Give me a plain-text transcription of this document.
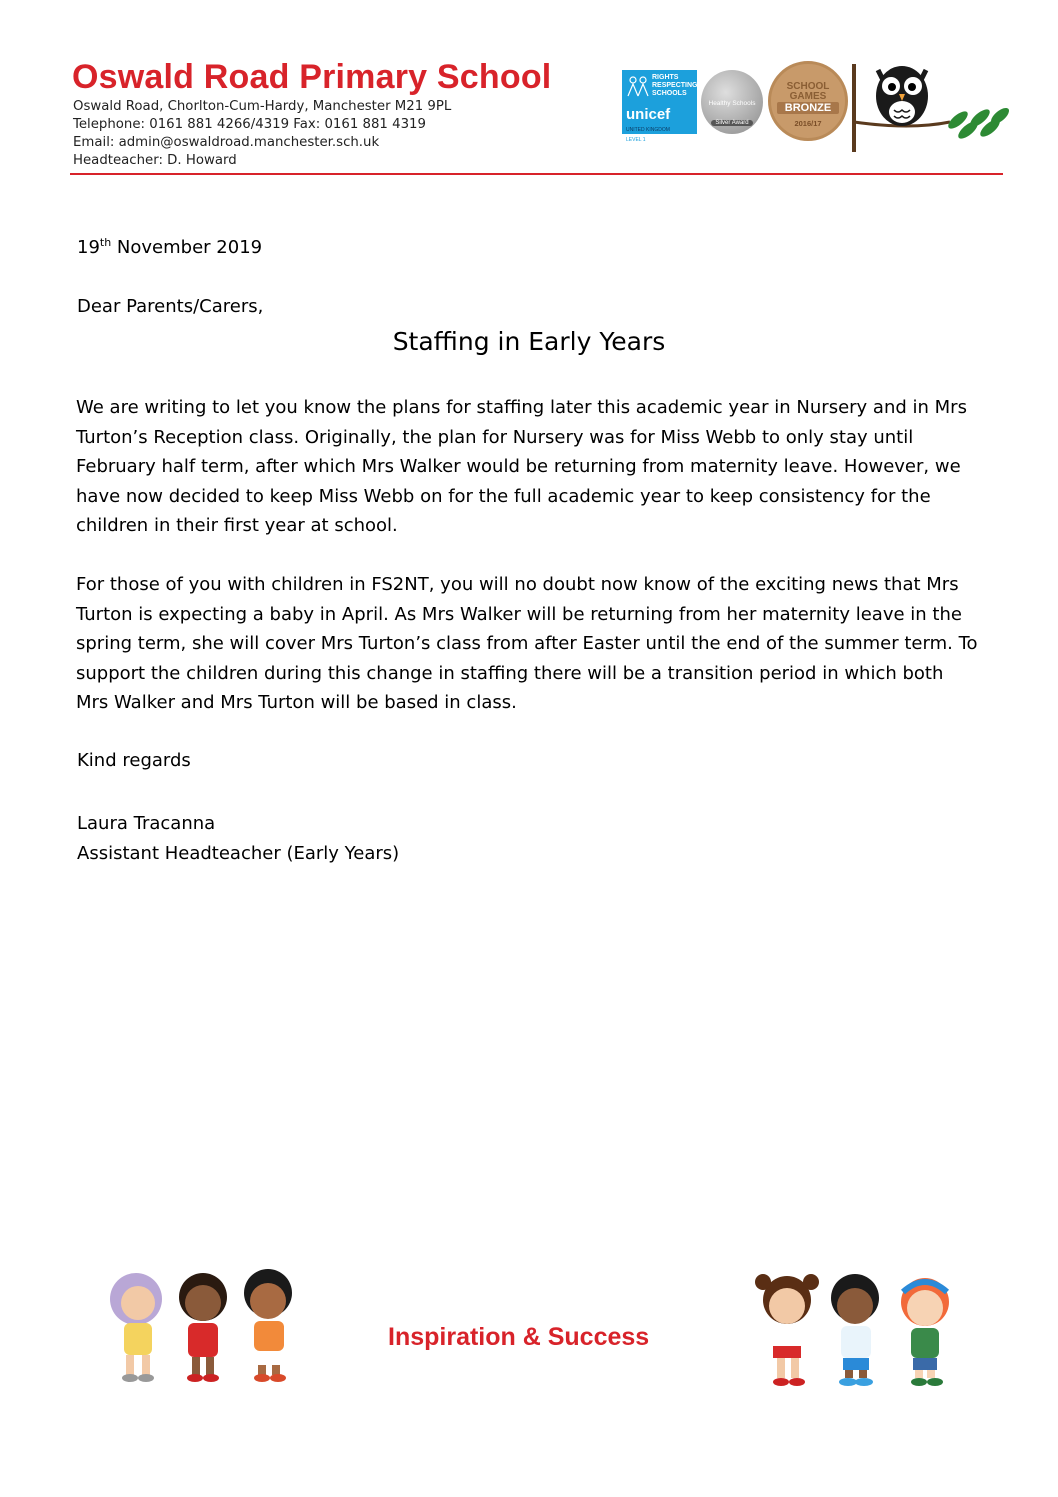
Oswald Road Primary School
Oswald Road, Chorlton-Cum-Hardy, Manchester M21 9PL
Telephone: 0161 881 4266/4319 Fax: 0161 881 4319
Email: admin@oswaldroad.manchester.sch.uk
Headteacher: D. Howard
RIGHTS
RESPECTING
SCHOOLS
unicef
UNITED KINGDOM
LEVEL 1
Healthy Schools
Silver Award
SCHOOL
GAMES
BRONZE
2016/17
19th November 2019
Dear Parents/Carers,
Staffing in Early Years

We are writing to let you know the plans for staffing later this academic year in Nursery and in Mrs Turton’s Reception class. Originally, the plan for Nursery was for Miss Webb to only stay until February half term, after which Mrs Walker would be returning from maternity leave. However, we have now decided to keep Miss Webb on for the full academic year to keep consistency for the children in their first year at school.

For those of you with children in FS2NT, you will no doubt now know of the exciting news that Mrs Turton is expecting a baby in April. As Mrs Walker will be returning from her maternity leave in the spring term, she will cover Mrs Turton’s class from after Easter until the end of the summer term. To support the children during this change in staffing there will be a transition period in which both Mrs Walker and Mrs Turton will be based in class.

Kind regards
Laura Tracanna
Assistant Headteacher (Early Years)
Inspiration & Success
